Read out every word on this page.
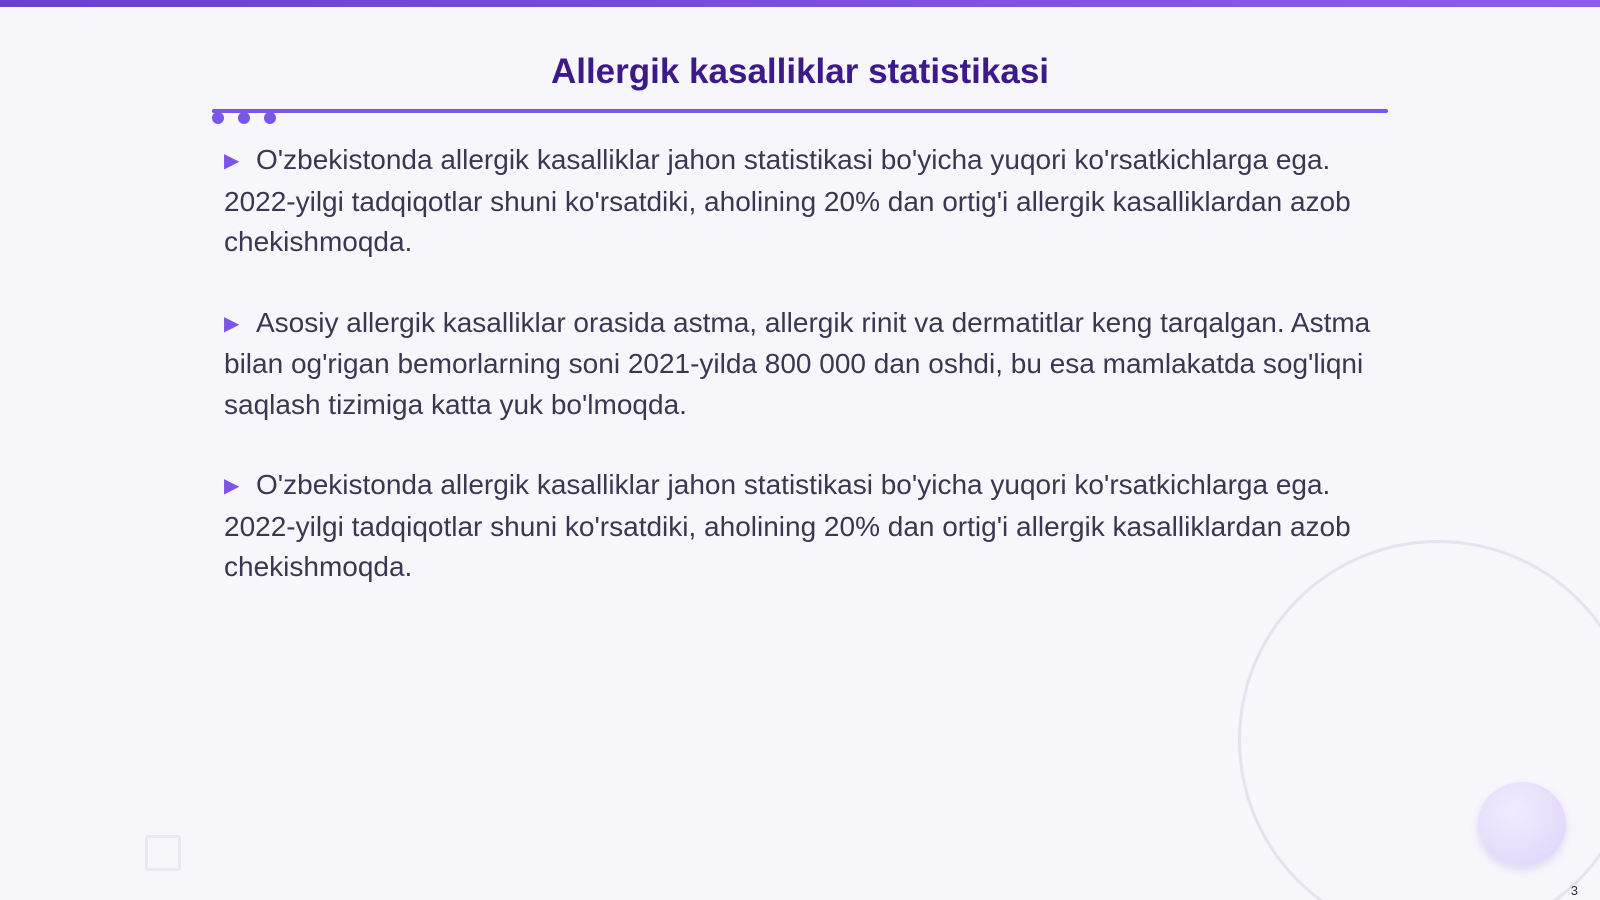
Allergik kasalliklar statistikasi

▶ O'zbekistonda allergik kasalliklar jahon statistikasi bo'yicha yuqori ko'rsatkichlarga ega. 2022-yilgi tadqiqotlar shuni ko'rsatdiki, aholining 20% dan ortig'i allergik kasalliklardan azob chekishmoqda.

▶ Asosiy allergik kasalliklar orasida astma, allergik rinit va dermatitlar keng tarqalgan. Astma bilan og'rigan bemorlarning soni 2021-yilda 800 000 dan oshdi, bu esa mamlakatda sog'liqni saqlash tizimiga katta yuk bo'lmoqda.

▶ O'zbekistonda allergik kasalliklar jahon statistikasi bo'yicha yuqori ko'rsatkichlarga ega. 2022-yilgi tadqiqotlar shuni ko'rsatdiki, aholining 20% dan ortig'i allergik kasalliklardan azob chekishmoqda.

3
